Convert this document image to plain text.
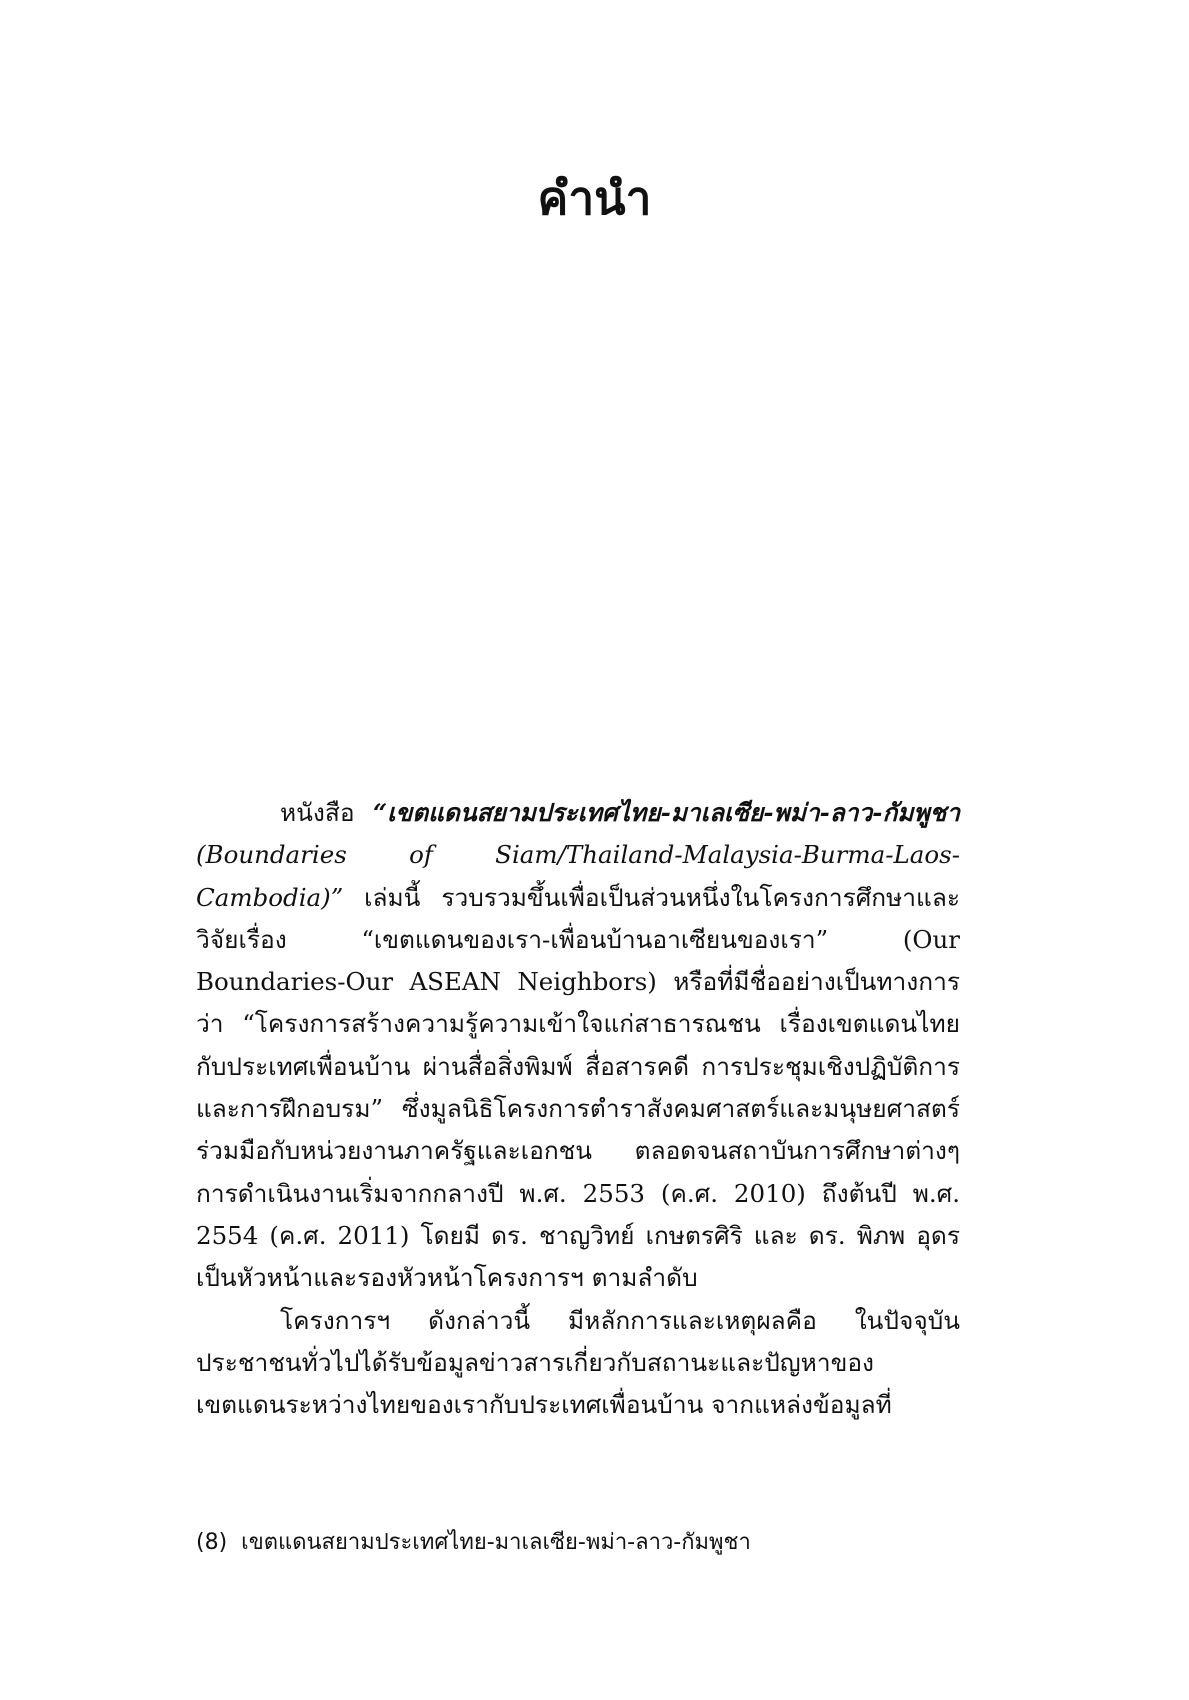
คำนำ

หนังสือ “เขตแดนสยามประเทศไทย-มาเลเซีย-พม่า-ลาว-กัมพูชา (Boundaries of Siam/Thailand-Malaysia-Burma-Laos-Cambodia)” เล่มนี้ รวบรวมขึ้นเพื่อเป็นส่วนหนึ่งในโครงการศึกษาและวิจัยเรื่อง “เขตแดนของเรา-เพื่อนบ้านอาเซียนของเรา” (Our Boundaries-Our ASEAN Neighbors) หรือที่มีชื่ออย่างเป็นทางการว่า “โครงการสร้างความรู้ความเข้าใจแก่สาธารณชน เรื่องเขตแดนไทยกับประเทศเพื่อนบ้าน ผ่านสื่อสิ่งพิมพ์ สื่อสารคดี การประชุมเชิงปฏิบัติการ และการฝึกอบรม” ซึ่งมูลนิธิโครงการตำราสังคมศาสตร์และมนุษยศาสตร์ ร่วมมือกับหน่วยงานภาครัฐและเอกชน ตลอดจนสถาบันการศึกษาต่างๆ การดำเนินงานเริ่มจากกลางปี พ.ศ. 2553 (ค.ศ. 2010) ถึงต้นปี พ.ศ. 2554 (ค.ศ. 2011) โดยมี ดร. ชาญวิทย์ เกษตรศิริ และ ดร. พิภพ อุดร เป็นหัวหน้าและรองหัวหน้าโครงการฯ ตามลำดับ

โครงการฯ ดังกล่าวนี้ มีหลักการและเหตุผลคือ ในปัจจุบันประชาชนทั่วไปได้รับข้อมูลข่าวสารเกี่ยวกับสถานะและปัญหาของเขตแดนระหว่างไทยของเรากับประเทศเพื่อนบ้าน จากแหล่งข้อมูลที่

(8) เขตแดนสยามประเทศไทย-มาเลเซีย-พม่า-ลาว-กัมพูชา
